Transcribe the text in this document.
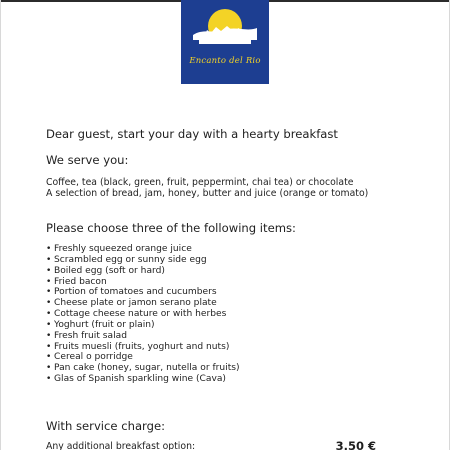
Encanto del Rio
Dear guest, start your day with a hearty breakfast
We serve you:
Coffee, tea (black, green, fruit, peppermint, chai tea) or chocolate
A selection of bread, jam, honey, butter and juice (orange or tomato)
Please choose three of the following items:
• Freshly squeezed orange juice
• Scrambled egg or sunny side egg
• Boiled egg (soft or hard)
• Fried bacon
• Portion of tomatoes and cucumbers
• Cheese plate or jamon serano plate
• Cottage cheese nature or with herbes
• Yoghurt (fruit or plain)
• Fresh fruit salad
• Fruits muesli (fruits, yoghurt and nuts)
• Cereal o porridge
• Pan cake (honey, sugar, nutella or fruits)
• Glas of Spanish sparkling wine (Cava)
With service charge:
Any additional breakfast option:	3.50 €
